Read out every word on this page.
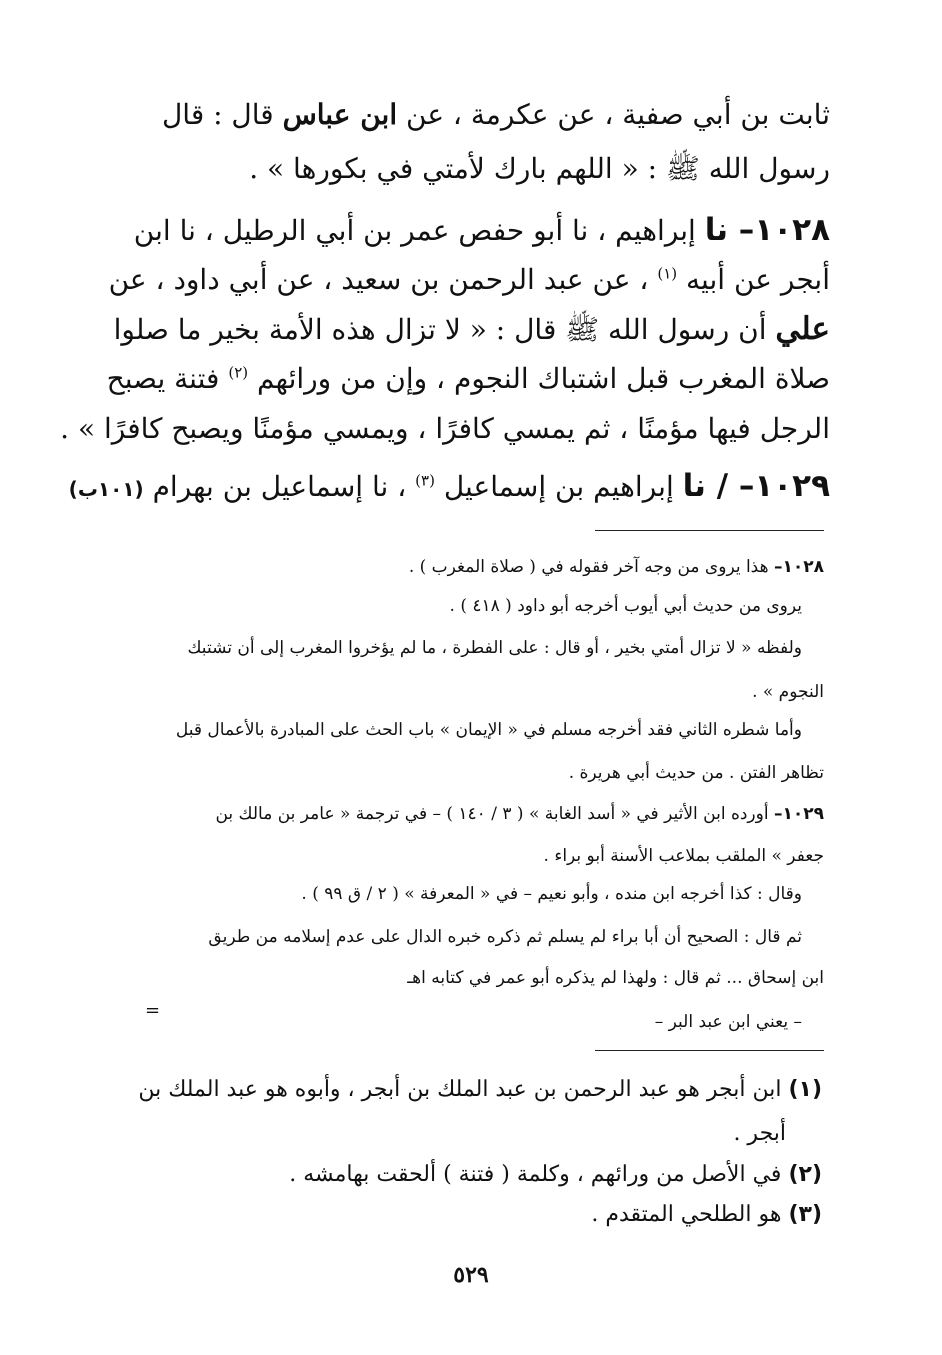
ثابت بن أبي صفية ، عن عكرمة ، عن ابن عباس قال : قال
رسول الله ﷺ : « اللهم بارك لأمتي في بكورها » .
١٠٢٨– نا إبراهيم ، نا أبو حفص عمر بن أبي الرطيل ، نا ابن
أبجر عن أبيه $^{(١)}$ ، عن عبد الرحمن بن سعيد ، عن أبي داود ، عن
علي أن رسول الله ﷺ قال : « لا تزال هذه الأمة بخير ما صلوا
صلاة المغرب قبل اشتباك النجوم ، وإن من ورائهم $^{(٢)}$ فتنة يصبح
الرجل فيها مؤمنًا ، ثم يمسي كافرًا ، ويمسي مؤمنًا ويصبح كافرًا » .
١٠٢٩– / نا إبراهيم بن إسماعيل $^{(٣)}$ ، نا إسماعيل بن بهرام (١٠١ب)
١٠٢٨– هذا يروى من وجه آخر فقوله في ( صلاة المغرب ) .
يروى من حديث أبي أيوب أخرجه أبو داود ( ٤١٨ ) .
ولفظه « لا تزال أمتي بخير ، أو قال : على الفطرة ، ما لم يؤخروا المغرب إلى أن تشتبك
النجوم » .
وأما شطره الثاني فقد أخرجه مسلم في « الإيمان » باب الحث على المبادرة بالأعمال قبل
تظاهر الفتن . من حديث أبي هريرة .
١٠٢٩– أورده ابن الأثير في « أسد الغابة » ( ٣ / ١٤٠ ) – في ترجمة « عامر بن مالك بن
جعفر » الملقب بملاعب الأسنة أبو براء .
وقال : كذا أخرجه ابن منده ، وأبو نعيم – في « المعرفة » ( ٢ / ق ٩٩ ) .
ثم قال : الصحيح أن أبا براء لم يسلم ثم ذكره خبره الدال على عدم إسلامه من طريق
ابن إسحاق ... ثم قال : ولهذا لم يذكره أبو عمر في كتابه اهـ
– يعني ابن عبد البر –
=
(١) ابن أبجر هو عبد الرحمن بن عبد الملك بن أبجر ، وأبوه هو عبد الملك بن
أبجر .
(٢) في الأصل من ورائهم ، وكلمة ( فتنة ) ألحقت بهامشه .
(٣) هو الطلحي المتقدم .
٥٢٩
